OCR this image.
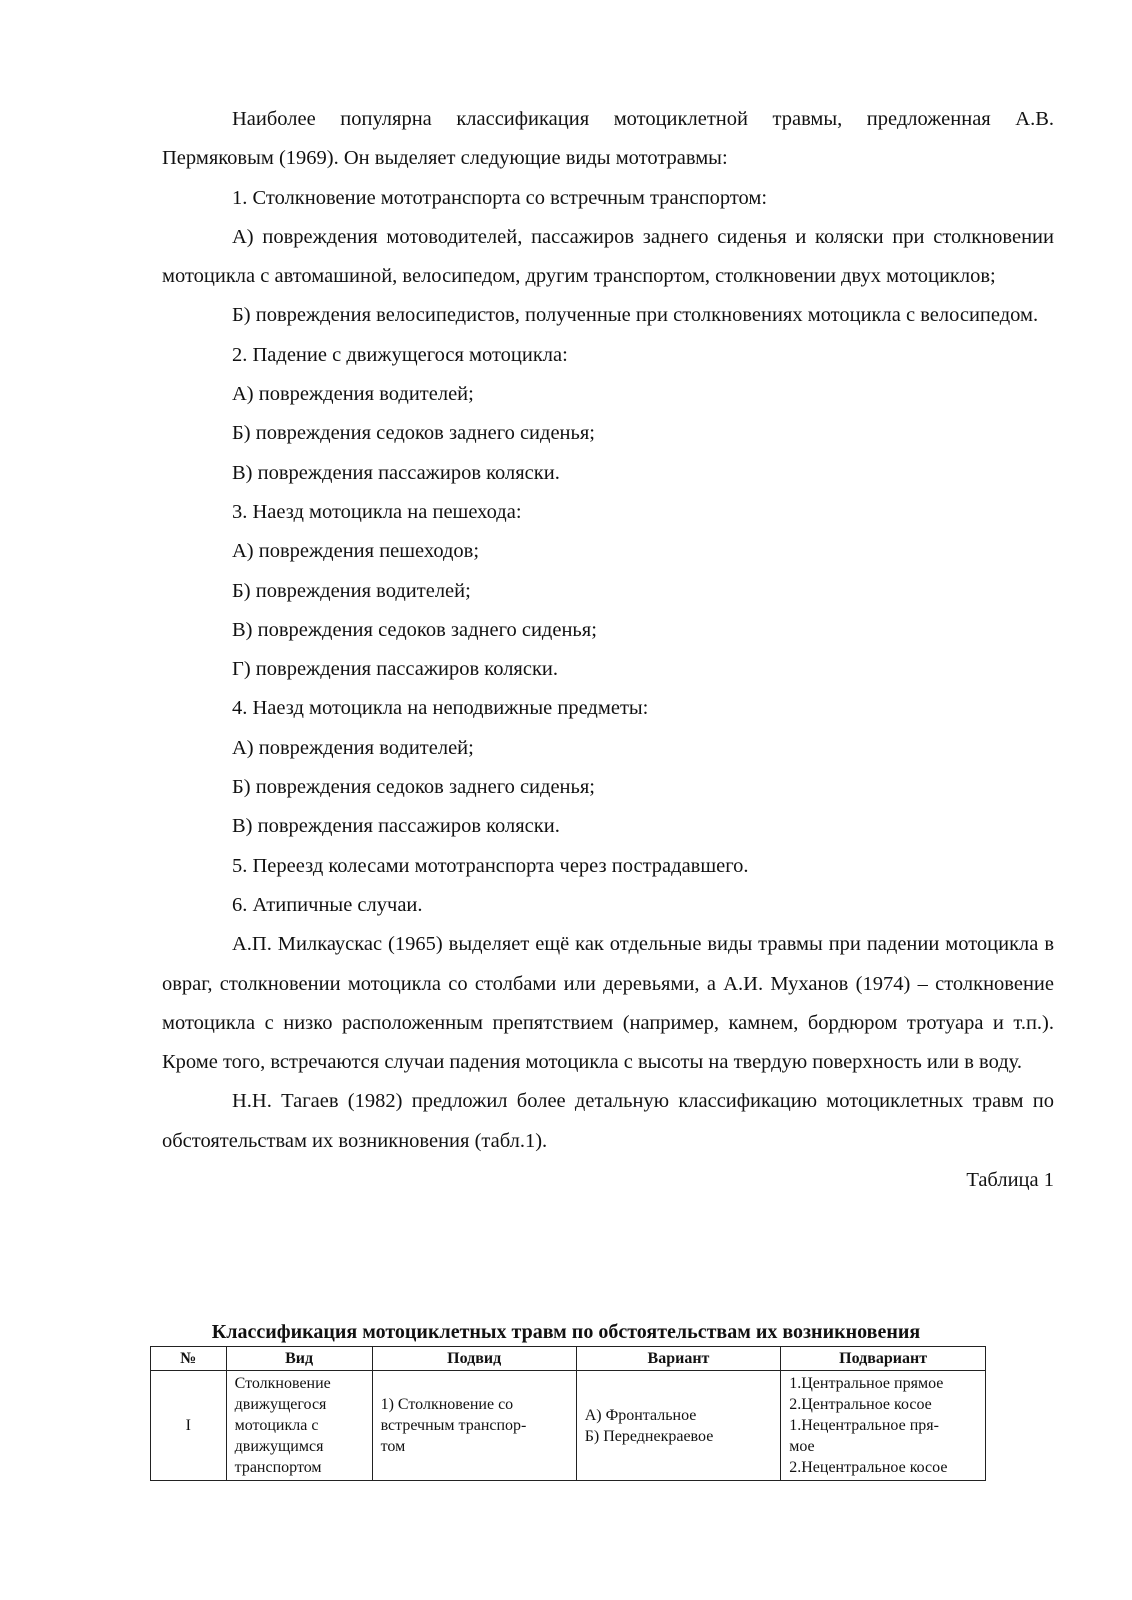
Наиболее популярна классификация мотоциклетной травмы, предложенная А.В. Пермяковым (1969). Он выделяет следующие виды мототравмы:

1. Столкновение мототранспорта со встречным транспортом:

А) повреждения мотоводителей, пассажиров заднего сиденья и коляски при столкновении мотоцикла с автомашиной, велосипедом, другим транспортом, столкновении двух мотоциклов;

Б) повреждения велосипедистов, полученные при столкновениях мотоцикла с велосипедом.

2. Падение с движущегося мотоцикла:

А) повреждения водителей;

Б) повреждения седоков заднего сиденья;

В) повреждения пассажиров коляски.

3. Наезд мотоцикла на пешехода:

А) повреждения пешеходов;

Б) повреждения водителей;

В) повреждения седоков заднего сиденья;

Г) повреждения пассажиров коляски.

4. Наезд мотоцикла на неподвижные предметы:

А) повреждения водителей;

Б) повреждения седоков заднего сиденья;

В) повреждения пассажиров коляски.

5. Переезд колесами мототранспорта через пострадавшего.

6. Атипичные случаи.

А.П. Милкаускас (1965) выделяет ещё как отдельные виды травмы при падении мотоцикла в овраг, столкновении мотоцикла со столбами или деревьями, а А.И. Муханов (1974) – столкновение мотоцикла с низко расположенным препятствием (например, камнем, бордюром тротуара и т.п.). Кроме того, встречаются случаи падения мотоцикла с высоты на твердую поверхность или в воду.

Н.Н. Тагаев (1982) предложил более детальную классификацию мотоциклетных травм по обстоятельствам их возникновения (табл.1).

Таблица 1

Классификация мотоциклетных травм по обстоятельствам их возникновения
№	Вид	Подвид	Вариант	Подвариант
I	Столкновение
движущегося
мотоцикла с
движущимся
транспортом	1) Столкновение со
встречным транспор-
том	А) Фронтальное
Б) Переднекраевое	1.Центральное прямое
2.Центральное косое
1.Нецентральное пря-
мое
2.Нецентральное косое
